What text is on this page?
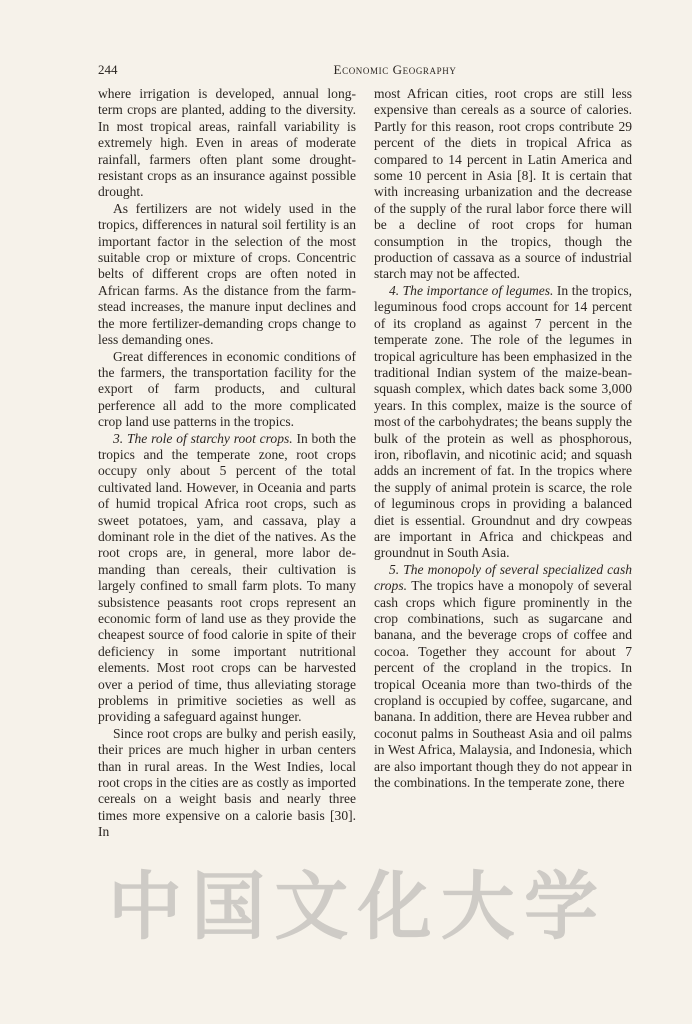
244	Economic Geography

where irrigation is developed, annual long-term crops are planted, adding to the diversity. In most tropical areas, rainfall variability is extremely high. Even in areas of moderate rainfall, farmers often plant some drought-resistant crops as an insurance against possible drought.

As fertilizers are not widely used in the tropics, differences in natural soil fertility is an important factor in the selection of the most suitable crop or mixture of crops. Concentric belts of different crops are often noted in African farms. As the distance from the farmstead increases, the manure input declines and the more fertilizer-demanding crops change to less demanding ones.

Great differences in economic conditions of the farmers, the transportation facility for the export of farm products, and cultural perference all add to the more complicated crop land use patterns in the tropics.

3. The role of starchy root crops. In both the tropics and the temperate zone, root crops occupy only about 5 percent of the total cultivated land. However, in Oceania and parts of humid tropical Africa root crops, such as sweet potatoes, yam, and cassava, play a dominant role in the diet of the natives. As the root crops are, in general, more labor demanding than cereals, their cultivation is largely confined to small farm plots. To many subsistence peasants root crops represent an economic form of land use as they provide the cheapest source of food calorie in spite of their deficiency in some important nutritional elements. Most root crops can be harvested over a period of time, thus alleviating storage problems in primitive societies as well as providing a safeguard against hunger.

Since root crops are bulky and perish easily, their prices are much higher in urban centers than in rural areas. In the West Indies, local root crops in the cities are as costly as imported cereals on a weight basis and nearly three times more expensive on a calorie basis [30]. In

most African cities, root crops are still less expensive than cereals as a source of calories. Partly for this reason, root crops contribute 29 percent of the diets in tropical Africa as compared to 14 percent in Latin America and some 10 percent in Asia [8]. It is certain that with increasing urbanization and the decrease of the supply of the rural labor force there will be a decline of root crops for human consumption in the tropics, though the production of cassava as a source of industrial starch may not be affected.

4. The importance of legumes. In the tropics, leguminous food crops account for 14 percent of its cropland as against 7 percent in the temperate zone. The role of the legumes in tropical agriculture has been emphasized in the traditional Indian system of the maize-bean-squash complex, which dates back some 3,000 years. In this complex, maize is the source of most of the carbohydrates; the beans supply the bulk of the protein as well as phosphorous, iron, riboflavin, and nicotinic acid; and squash adds an increment of fat. In the tropics where the supply of animal protein is scarce, the role of leguminous crops in providing a balanced diet is essential. Groundnut and dry cowpeas are important in Africa and chickpeas and groundnut in South Asia.

5. The monopoly of several specialized cash crops. The tropics have a monopoly of several cash crops which figure prominently in the crop combinations, such as sugarcane and banana, and the beverage crops of coffee and cocoa. Together they account for about 7 percent of the cropland in the tropics. In tropical Oceania more than two-thirds of the cropland is occupied by coffee, sugarcane, and banana. In addition, there are Hevea rubber and coconut palms in Southeast Asia and oil palms in West Africa, Malaysia, and Indonesia, which are also important though they do not appear in the combinations. In the temperate zone, there

中 国 文 化 大 学
